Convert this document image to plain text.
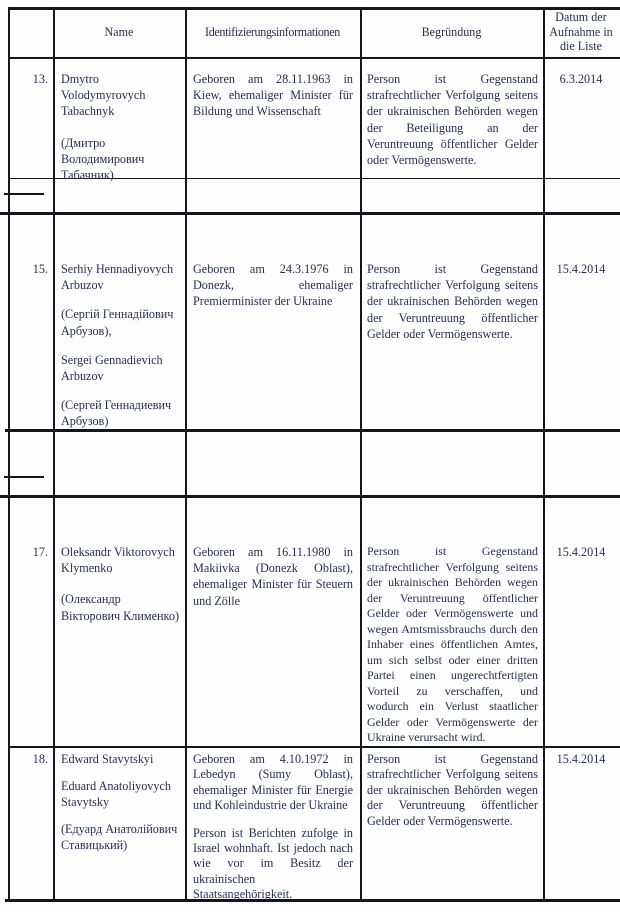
Name	Identifizierungsinformationen	Begründung
Datum der Aufnahme in die Liste
13. Dmytro Volodymyrovych Tabachnyk

(Дмитро Володимирович Табачник)

Geboren am 28.11.1963 in Kiew, ehemaliger Minister für Bildung und Wissenschaft

Person ist Gegenstand strafrechtlicher Verfolgung seitens der ukrainischen Behörden wegen der Beteiligung an der Veruntreuung öffentlicher Gelder oder Vermögenswerte.

6.3.2014
15. Serhiy Hennadiyovych Arbuzov

(Сергій Геннадійович Арбузов),

Sergei Gennadievich Arbuzov

(Сергей Геннадиевич Арбузов)

Geboren am 24.3.1976 in Donezk, ehemaliger Premierminister der Ukraine

Person ist Gegenstand strafrechtlicher Verfolgung seitens der ukrainischen Behörden wegen der Veruntreuung öffentlicher Gelder oder Vermögenswerte.

15.4.2014
17. Oleksandr Viktorovych Klymenko

(Олександр Вікторович Клименко)

Geboren am 16.11.1980 in Makiivka (Donezk Oblast), ehemaliger Minister für Steuern und Zölle

Person ist Gegenstand strafrechtlicher Verfolgung seitens der ukrainischen Behörden wegen der Veruntreuung öffentlicher Gelder oder Vermögenswerte und wegen Amtsmissbrauchs durch den Inhaber eines öffentlichen Amtes, um sich selbst oder einer dritten Partei einen ungerechtfertigten Vorteil zu verschaffen, und wodurch ein Verlust staatlicher Gelder oder Vermögenswerte der Ukraine verursacht wird.

15.4.2014
18. Edward Stavytskyi

Eduard Anatoliyovych Stavytsky

(Едуард Анатолійович Ставицький)

Geboren am 4.10.1972 in Lebedyn (Sumy Oblast), ehemaliger Minister für Energie und Kohleindustrie der Ukraine

Person ist Berichten zufolge in Israel wohnhaft. Ist jedoch nach wie vor im Besitz der ukrainischen Staatsangehörigkeit.

Person ist Gegenstand strafrechtlicher Verfolgung seitens der ukrainischen Behörden wegen der Veruntreuung öffentlicher Gelder oder Vermögenswerte.

15.4.2014
